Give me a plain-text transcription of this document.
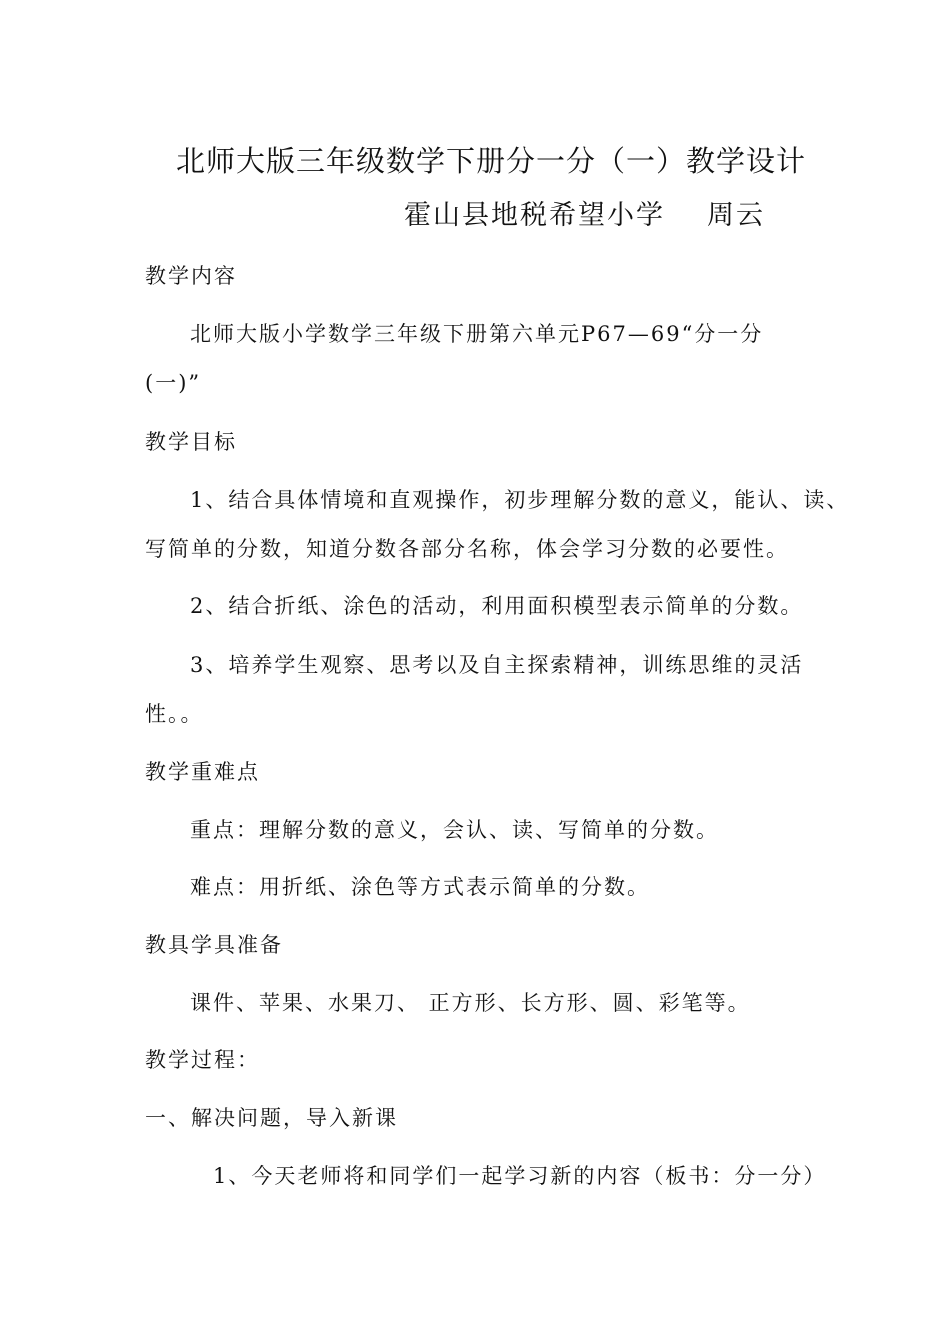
北师大版三年级数学下册分一分（一）教学设计
霍山县地税希望小学 周云
教学内容
北师大版小学数学三年级下册第六单元P67—69“分一分
(一)”
教学目标
1、结合具体情境和直观操作，初步理解分数的意义，能认、读、
写简单的分数，知道分数各部分名称，体会学习分数的必要性。
2、结合折纸、涂色的活动，利用面积模型表示简单的分数。
3、培养学生观察、思考以及自主探索精神，训练思维的灵活
性。。
教学重难点
重点：理解分数的意义，会认、读、写简单的分数。
难点：用折纸、涂色等方式表示简单的分数。
教具学具准备
课件、苹果、水果刀、 正方形、长方形、圆、彩笔等。
教学过程：
一、解决问题，导入新课
1、今天老师将和同学们一起学习新的内容（板书：分一分）
